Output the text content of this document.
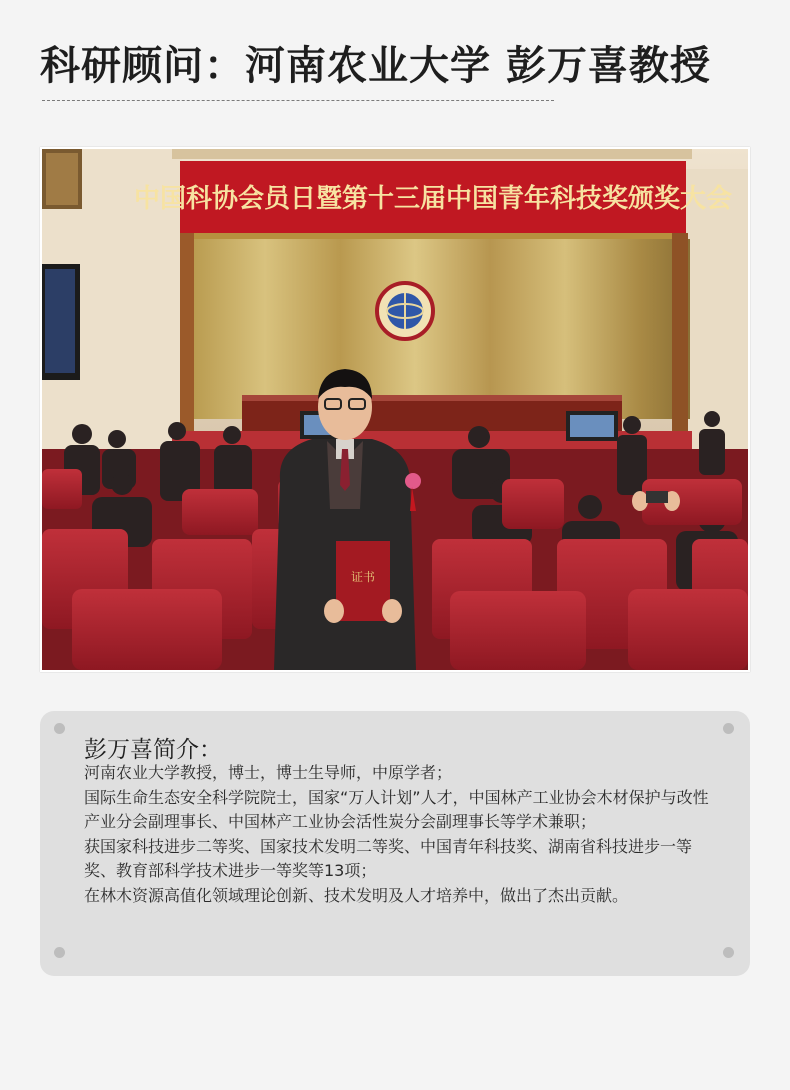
科研顾问：河南农业大学 彭万喜教授
中国科协会员日暨第十三届中国青年科技奖颁奖大会
证书
彭万喜简介：

河南农业大学教授，博士，博士生导师，中原学者；

国际生命生态安全科学院院士，国家“万人计划”人才，中国林产工业协会木材保护与改性产业分会副理事长、中国林产工业协会活性炭分会副理事长等学术兼职；

获国家科技进步二等奖、国家技术发明二等奖、中国青年科技奖、湖南省科技进步一等奖、教育部科学技术进步一等奖等13项；

在林木资源高值化领域理论创新、技术发明及人才培养中，做出了杰出贡献。
